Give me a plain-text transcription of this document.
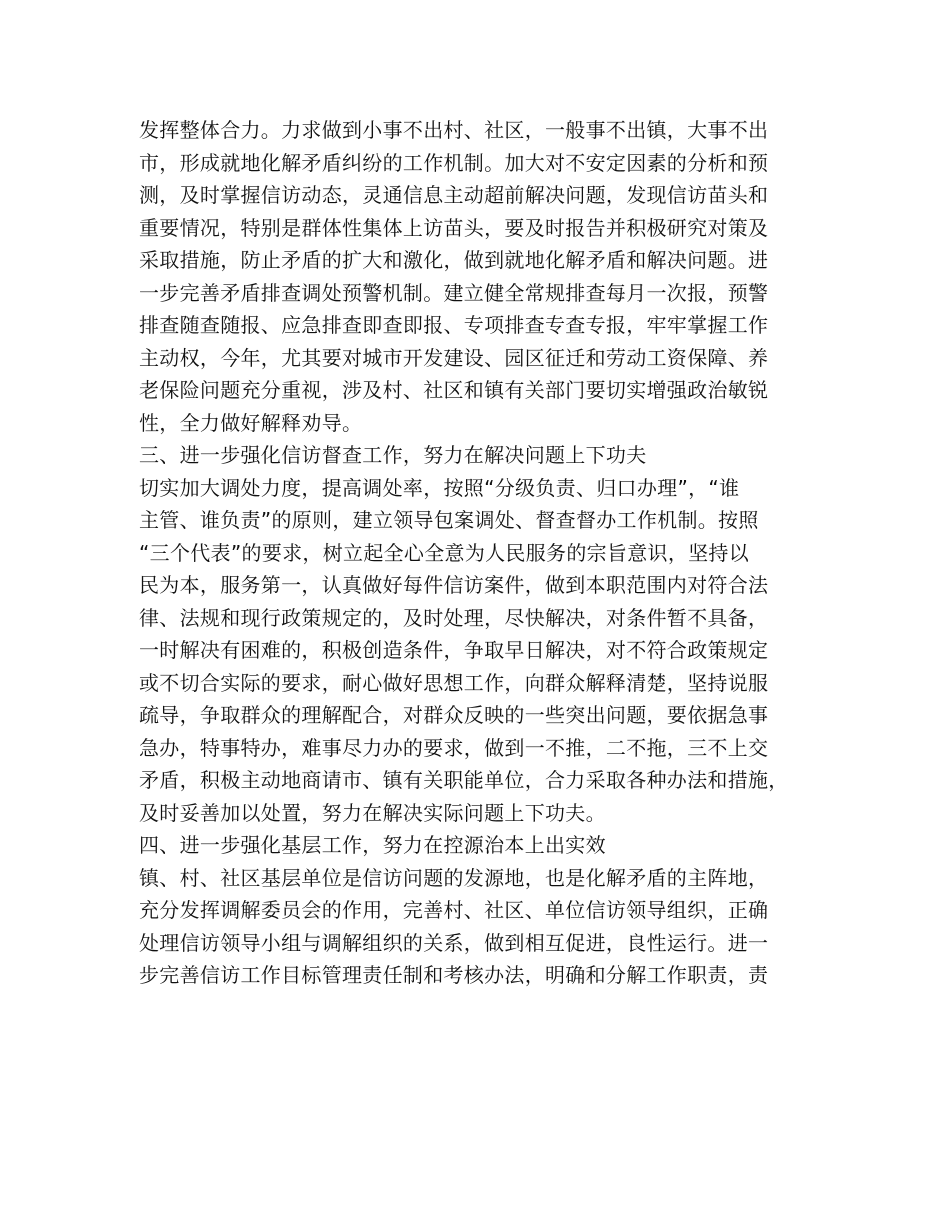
发挥整体合力。力求做到小事不出村、社区，一般事不出镇，大事不出
市，形成就地化解矛盾纠纷的工作机制。加大对不安定因素的分析和预
测，及时掌握信访动态，灵通信息主动超前解决问题，发现信访苗头和
重要情况，特别是群体性集体上访苗头，要及时报告并积极研究对策及
采取措施，防止矛盾的扩大和激化，做到就地化解矛盾和解决问题。进
一步完善矛盾排查调处预警机制。建立健全常规排查每月一次报，预警
排查随查随报、应急排查即查即报、专项排查专查专报，牢牢掌握工作
主动权，今年，尤其要对城市开发建设、园区征迁和劳动工资保障、养
老保险问题充分重视，涉及村、社区和镇有关部门要切实增强政治敏锐
性，全力做好解释劝导。
三、进一步强化信访督查工作，努力在解决问题上下功夫
切实加大调处力度，提高调处率，按照“分级负责、归口办理”，“谁
主管、谁负责”的原则，建立领导包案调处、督查督办工作机制。按照
“三个代表”的要求，树立起全心全意为人民服务的宗旨意识，坚持以
民为本，服务第一，认真做好每件信访案件，做到本职范围内对符合法
律、法规和现行政策规定的，及时处理，尽快解决，对条件暂不具备，
一时解决有困难的，积极创造条件，争取早日解决，对不符合政策规定
或不切合实际的要求，耐心做好思想工作，向群众解释清楚，坚持说服
疏导，争取群众的理解配合，对群众反映的一些突出问题，要依据急事
急办，特事特办，难事尽力办的要求，做到一不推，二不拖，三不上交
矛盾，积极主动地商请市、镇有关职能单位，合力采取各种办法和措施，
及时妥善加以处置，努力在解决实际问题上下功夫。
四、进一步强化基层工作，努力在控源治本上出实效
镇、村、社区基层单位是信访问题的发源地，也是化解矛盾的主阵地，
充分发挥调解委员会的作用，完善村、社区、单位信访领导组织，正确
处理信访领导小组与调解组织的关系，做到相互促进，良性运行。进一
步完善信访工作目标管理责任制和考核办法，明确和分解工作职责，责
